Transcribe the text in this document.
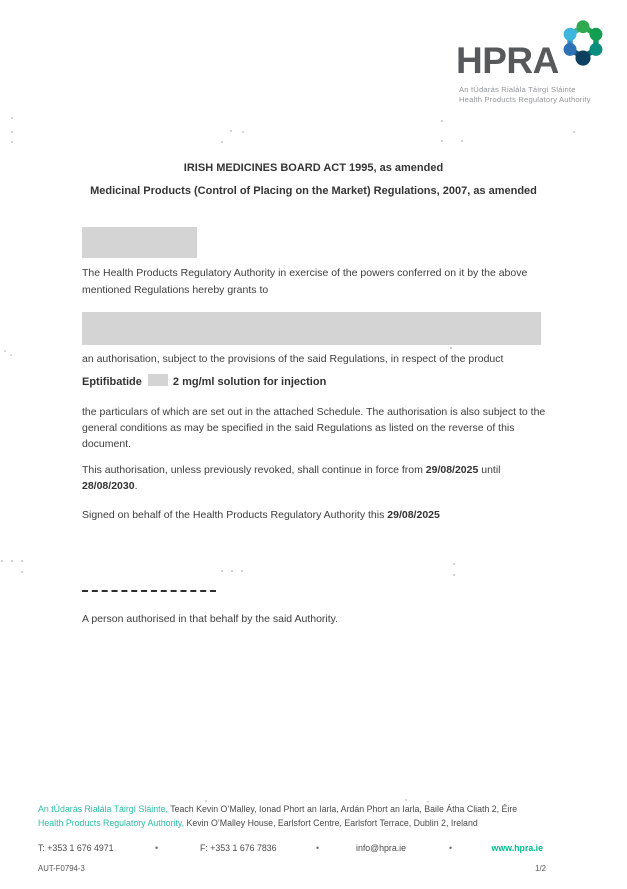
HPRA
An tÚdarás Rialála Táirgí Sláinte
Health Products Regulatory Authority
IRISH MEDICINES BOARD ACT 1995, as amended
Medicinal Products (Control of Placing on the Market) Regulations, 2007, as amended

The Health Products Regulatory Authority in exercise of the powers conferred on it by the above mentioned Regulations hereby grants to

an authorisation, subject to the provisions of the said Regulations, in respect of the product

Eptifibatide	2 mg/ml solution for injection

the particulars of which are set out in the attached Schedule. The authorisation is also subject to the general conditions as may be specified in the said Regulations as listed on the reverse of this document.

This authorisation, unless previously revoked, shall continue in force from 29/08/2025 until 28/08/2030.

Signed on behalf of the Health Products Regulatory Authority this 29/08/2025

A person authorised in that behalf by the said Authority.

An tÚdarás Rialála Táirgí Sláinte, Teach Kevin O’Malley, Ionad Phort an Iarla, Ardán Phort an Iarla, Baile Átha Cliath 2, Éire
Health Products Regulatory Authority, Kevin O’Malley House, Earlsfort Centre, Earlsfort Terrace, Dublin 2, Ireland
T: +353 1 676 4971	•	F: +353 1 676 7836	•	info@hpra.ie	•	www.hpra.ie
AUT-F0794-3	1/2
